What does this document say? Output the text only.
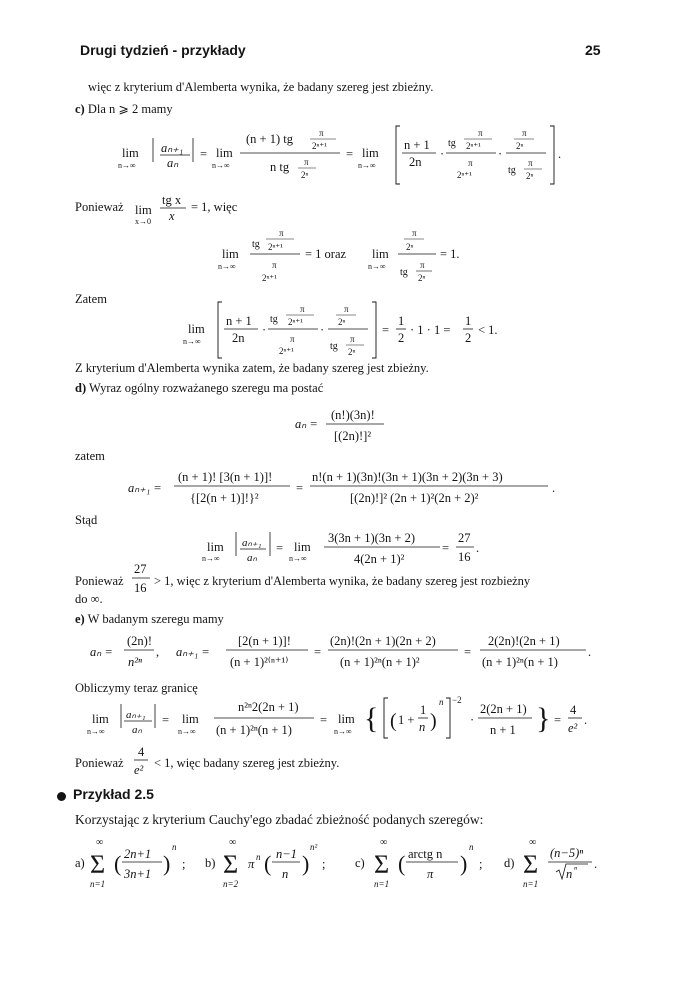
Drugi tydzień - przykłady	25
więc z kryterium d'Alemberta wynika, że badany szereg jest zbieżny.
c) Dla n ⩾ 2 mamy
lim
n→∞
aₙ₊₁
aₙ
= lim
n→∞
(n + 1) tg	π
2ⁿ⁺¹
n tg π
2ⁿ
= lim
n→∞
n + 1
2n
·
tg
π
2ⁿ⁺¹
π
2ⁿ⁺¹
·
π
2ⁿ
tg
π
2ⁿ
.
lim
x→0
tg x
x
lim
n→∞
tg
π
2ⁿ⁺¹
π
2ⁿ⁺¹
= 1 oraz lim
n→∞
π
2ⁿ
tg
π
2ⁿ
= 1.
lim
n→∞
n + 1
2n
·
tg
π
2ⁿ⁺¹
π
2ⁿ⁺¹
·
π
2ⁿ
tg
π
2ⁿ
=
1
2
· 1 · 1 =
1
2
< 1.
aₙ =
(n!)(3n)!
[(2n)!]²
aₙ₊₁ =
(n + 1)! [3(n + 1)]!
{[2(n + 1)]!}²
=
n!(n + 1)(3n)!(3n + 1)(3n + 2)(3n + 3)
[(2n)!]² (2n + 1)²(2n + 2)²
.
lim
n→∞
aₙ₊₁
aₙ
= lim
n→∞
3(3n + 1)(3n + 2)
4(2n + 1)²
=
27
16
.
27
16
aₙ =
(2n)!
n²ⁿ
, aₙ₊₁ =
[2(n + 1)]!
(n + 1)²⁽ⁿ⁺¹⁾
=
(2n)!(2n + 1)(2n + 2)
(n + 1)²ⁿ(n + 1)²
=
2(2n)!(2n + 1)
(n + 1)²ⁿ(n + 1)
.
lim
n→∞
aₙ₊₁
aₙ
= lim
n→∞
n²ⁿ2(2n + 1)
(n + 1)²ⁿ(n + 1)
= lim
n→∞ { ( 1 +
1
n )
n −2
·
2(2n + 1)
n + 1 } =
4
e²
.
4
e²
a)
∞
Σ
n=1
( 2n+1
3n+1 )
n
; b)
∞
Σ
n=2
π n ( n−1
n )
n²
; c)
∞
Σ
n=1
( arctg n
π )
n
; d)
∞
Σ
n=1
(n−5)ⁿ
n ⁿ .
Ponieważ	= 1, więc
Zatem
Z kryterium d'Alemberta wynika zatem, że badany szereg jest zbieżny.
d) Wyraz ogólny rozważanego szeregu ma postać
zatem
Stąd
Ponieważ > 1, więc z kryterium d'Alemberta wynika, że badany szereg jest rozbieżny
do ∞.
e) W badanym szeregu mamy
Obliczymy teraz granicę
Ponieważ < 1, więc badany szereg jest zbieżny.
Przykład 2.5
Korzystając z kryterium Cauchy'ego zbadać zbieżność podanych szeregów:
